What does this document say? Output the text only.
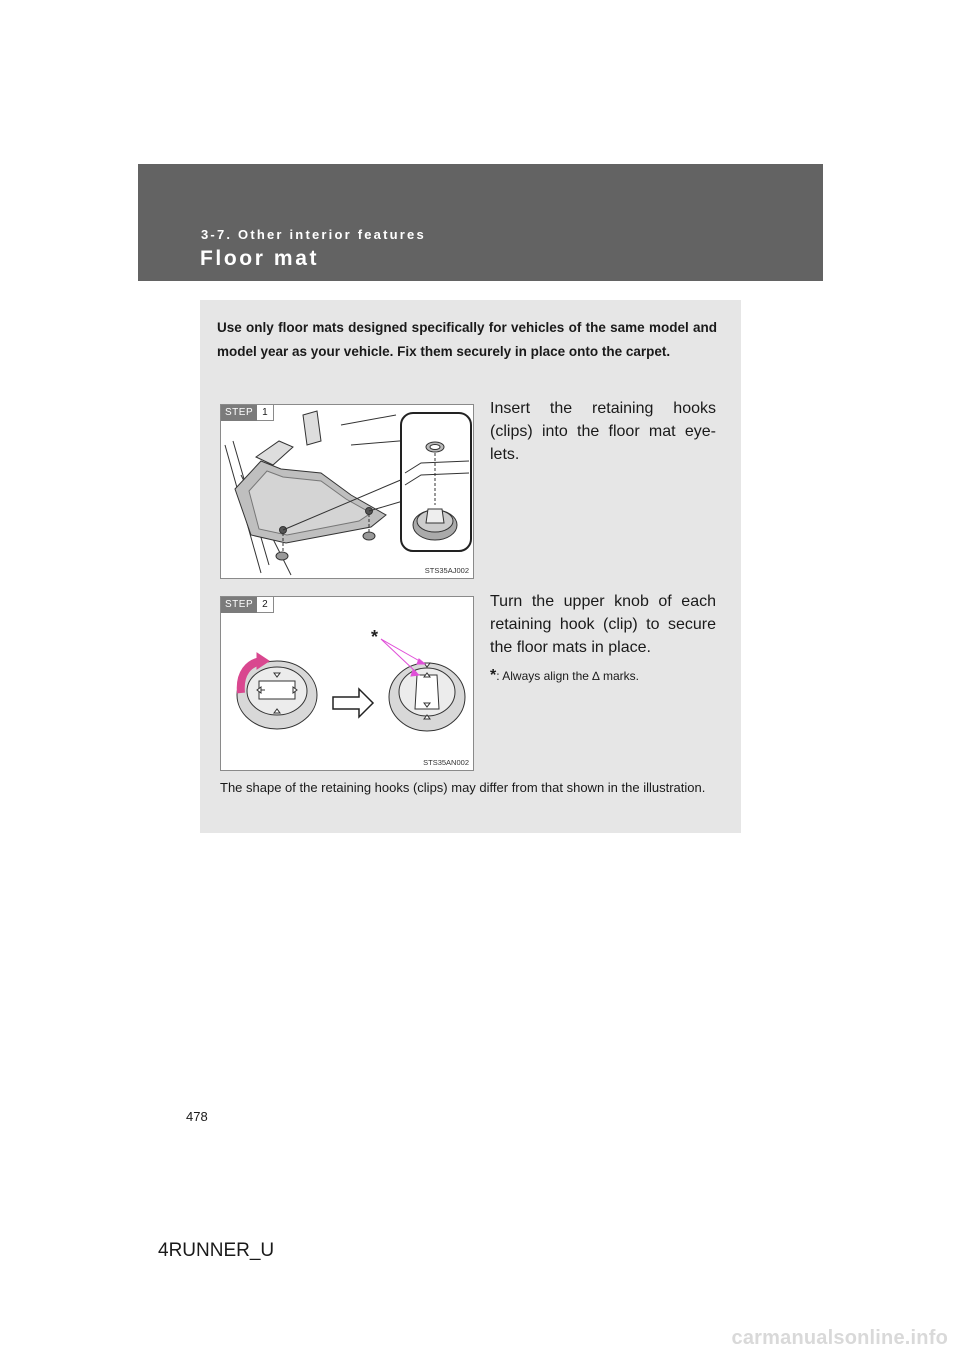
3-7. Other interior features
Floor mat
Use only floor mats designed specifically for vehicles of the same model and model year as your vehicle. Fix them securely in place onto the carpet.
STEP 1
STS35AJ002
Insert the retaining hooks (clips) into the floor mat eye-lets.
*
STEP 2
STS35AN002
Turn the upper knob of each retaining hook (clip) to secure the floor mats in place.
*: Always align the ∆ marks.
The shape of the retaining hooks (clips) may differ from that shown in the illustration.
478
4RUNNER_U
carmanualsonline.info
